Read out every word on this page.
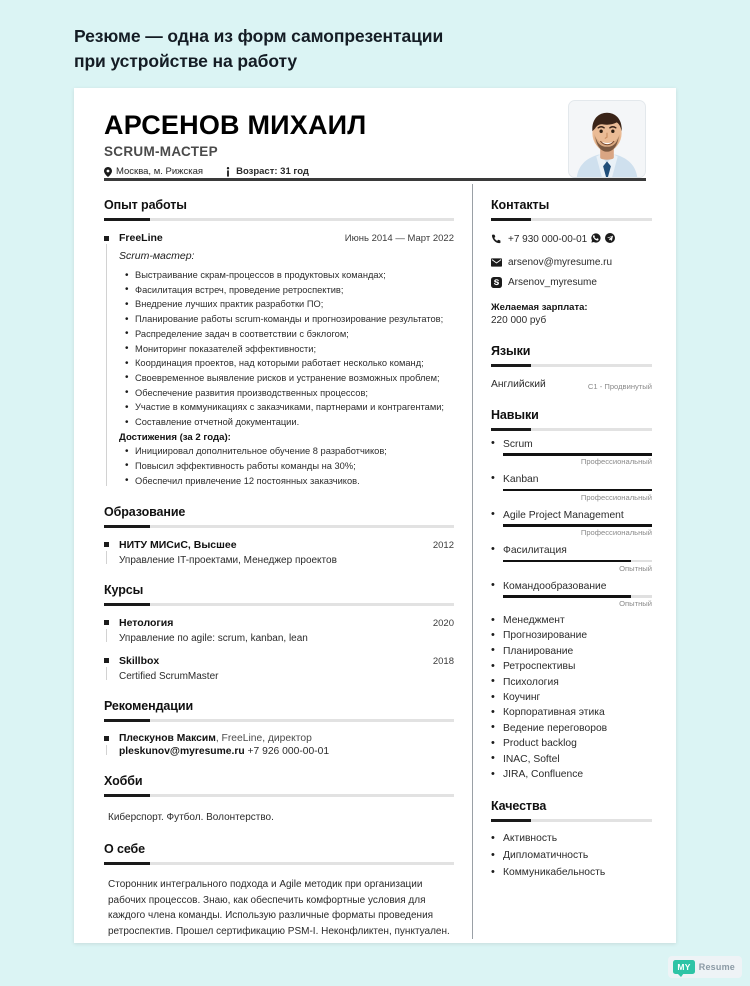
Резюме — одна из форм самопрезентации
при устройстве на работу
АРСЕНОВ МИХАИЛ
SCRUM-МАСТЕР
Москва, м. Рижская	Возраст: 31 год
Опыт работы
FreeLine	Июнь 2014 — Март 2022
Scrum-мастер:
• Выстраивание скрам-процессов в продуктовых командах;
• Фасилитация встреч, проведение ретроспектив;
• Внедрение лучших практик разработки ПО;
• Планирование работы scrum-команды и прогнозирование результатов;
• Распределение задач в соответствии с бэклогом;
• Мониторинг показателей эффективности;
• Координация проектов, над которыми работает несколько команд;
• Своевременное выявление рисков и устранение возможных проблем;
• Обеспечение развития производственных процессов;
• Участие в коммуникациях с заказчиками, партнерами и контрагентами;
• Составление отчетной документации.
Достижения (за 2 года):
• Инициировал дополнительное обучение 8 разработчиков;
• Повысил эффективность работы команды на 30%;
• Обеспечил привлечение 12 постоянных заказчиков.
Образование
НИТУ МИСиС, Высшее	2012
Управление IT-проектами, Менеджер проектов
Курсы
Нетология	2020
Управление по agile: scrum, kanban, lean
Skillbox	2018
Certified ScrumMaster
Рекомендации
Плескунов Максим, FreeLine, директор
pleskunov@myresume.ru +7 926 000-00-01
Хобби
Киберспорт. Футбол. Волонтерство.
О себе
Сторонник интегрального подхода и Agile методик при организации рабочих процессов. Знаю, как обеспечить комфортные условия для каждого члена команды. Использую различные форматы проведения ретроспектив. Прошел сертификацию PSM-I. Неконфликтен, пунктуален.
Контакты
+7 930 000-00-01
arsenov@myresume.ru
Arsenov_myresume
Желаемая зарплата:
220 000 руб
Языки
Английский	C1 - Продвинутый
Навыки
• Scrum
Профессиональный
• Kanban
Профессиональный
• Agile Project Management
Профессиональный
• Фасилитация
Опытный
• Командообразование
Опытный
• Менеджмент
• Прогнозирование
• Планирование
• Ретроспективы
• Психология
• Коучинг
• Корпоративная этика
• Ведение переговоров
• Product backlog
• INAC, Softel
• JIRA, Confluence
Качества
• Активность
• Дипломатичность
• Коммуникабельность
MY Resume
